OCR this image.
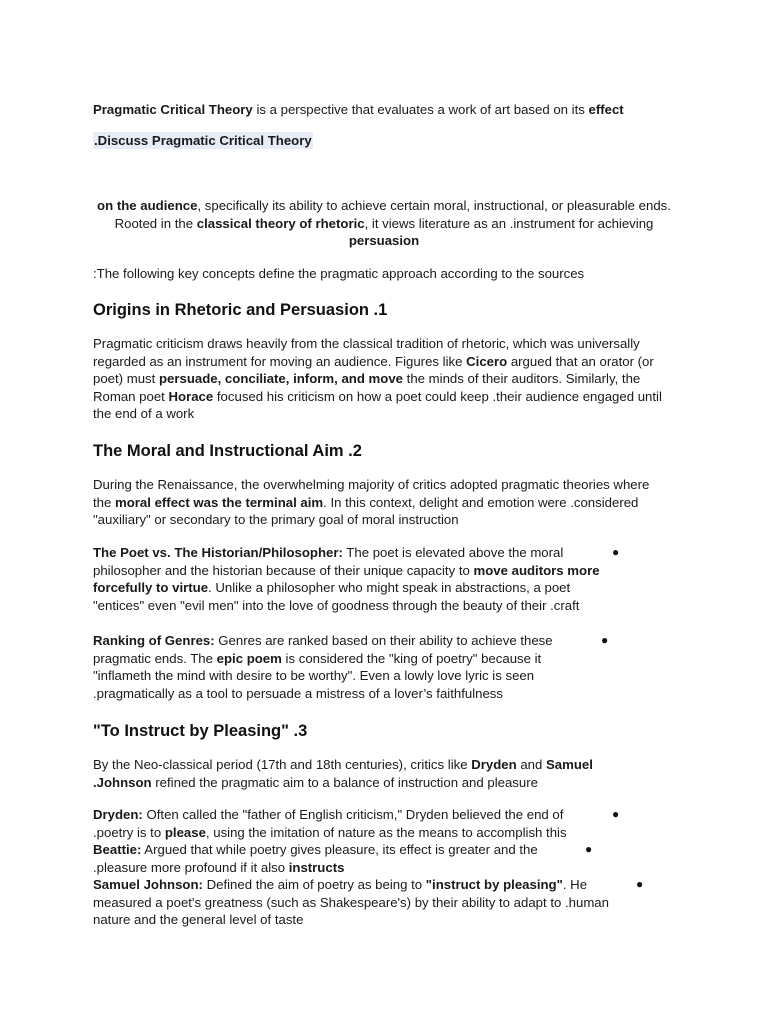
Pragmatic Critical Theory is a perspective that evaluates a work of art based on its effect
.Discuss Pragmatic Critical Theory
on the audience, specifically its ability to achieve certain moral, instructional, or pleasurable ends. Rooted in the classical theory of rhetoric, it views literature as an .instrument for achieving persuasion
:The following key concepts define the pragmatic approach according to the sources
Origins in Rhetoric and Persuasion .1
Pragmatic criticism draws heavily from the classical tradition of rhetoric, which was universally regarded as an instrument for moving an audience. Figures like Cicero argued that an orator (or poet) must persuade, conciliate, inform, and move the minds of their auditors. Similarly, the Roman poet Horace focused his criticism on how a poet could keep .their audience engaged until the end of a work
The Moral and Instructional Aim .2
During the Renaissance, the overwhelming majority of critics adopted pragmatic theories where the moral effect was the terminal aim. In this context, delight and emotion were .considered "auxiliary" or secondary to the primary goal of moral instruction
The Poet vs. The Historian/Philosopher: The poet is elevated above the moral philosopher and the historian because of their unique capacity to move auditors more forcefully to virtue. Unlike a philosopher who might speak in abstractions, a poet "entices" even "evil men" into the love of goodness through the beauty of their .craft
●
Ranking of Genres: Genres are ranked based on their ability to achieve these pragmatic ends. The epic poem is considered the "king of poetry" because it "inflameth the mind with desire to be worthy". Even a lowly love lyric is seen .pragmatically as a tool to persuade a mistress of a lover’s faithfulness
●
"To Instruct by Pleasing" .3
By the Neo-classical period (17th and 18th centuries), critics like Dryden and Samuel .Johnson refined the pragmatic aim to a balance of instruction and pleasure
Dryden: Often called the "father of English criticism," Dryden believed the end of .poetry is to please, using the imitation of nature as the means to accomplish this
●
Beattie: Argued that while poetry gives pleasure, its effect is greater and the .pleasure more profound if it also instructs
●
Samuel Johnson: Defined the aim of poetry as being to "instruct by pleasing". He measured a poet's greatness (such as Shakespeare's) by their ability to adapt to .human nature and the general level of taste
●
